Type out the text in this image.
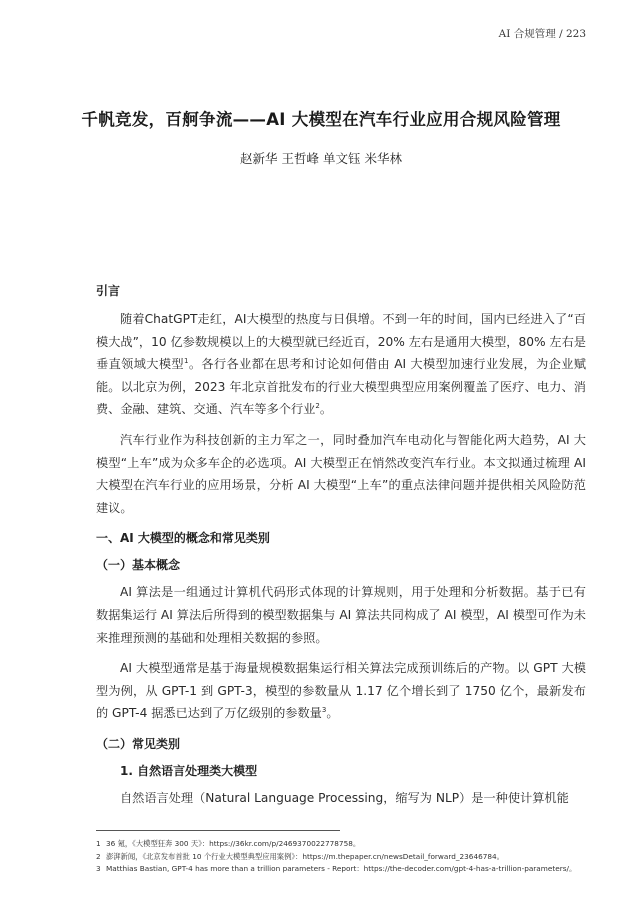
AI 合规管理 / 223
千帆竞发，百舸争流——AI 大模型在汽车行业应用合规风险管理
赵新华 王哲峰 单文钰 米华林

引言

随着ChatGPT走红，AI大模型的热度与日俱增。不到一年的时间，国内已经进入了“百模大战”，10 亿参数规模以上的大模型就已经近百，20% 左右是通用大模型，80% 左右是垂直领域大模型$^1$。各行各业都在思考和讨论如何借由 AI 大模型加速行业发展，为企业赋能。以北京为例，2023 年北京首批发布的行业大模型典型应用案例覆盖了医疗、电力、消费、金融、建筑、交通、汽车等多个行业$^2$。

汽车行业作为科技创新的主力军之一，同时叠加汽车电动化与智能化两大趋势，AI 大模型“上车”成为众多车企的必选项。AI 大模型正在悄然改变汽车行业。本文拟通过梳理 AI 大模型在汽车行业的应用场景，分析 AI 大模型“上车”的重点法律问题并提供相关风险防范建议。

一、AI 大模型的概念和常见类别

（一）基本概念

AI 算法是一组通过计算机代码形式体现的计算规则，用于处理和分析数据。基于已有数据集运行 AI 算法后所得到的模型数据集与 AI 算法共同构成了 AI 模型，AI 模型可作为未来推理预测的基础和处理相关数据的参照。

AI 大模型通常是基于海量规模数据集运行相关算法完成预训练后的产物。以 GPT 大模型为例，从 GPT-1 到 GPT-3，模型的参数量从 1.17 亿个增长到了 1750 亿个，最新发布的 GPT-4 据悉已达到了万亿级别的参数量$^3$。

（二）常见类别

1. 自然语言处理类大模型

自然语言处理（Natural Language Processing，缩写为 NLP）是一种使计算机能

1 36 氪，《大模型狂奔 300 天》：https://36kr.com/p/2469370022778758。
2 澎湃新闻，《北京发布首批 10 个行业大模型典型应用案例》：https://m.thepaper.cn/newsDetail_forward_23646784。
3 Matthias Bastian, GPT-4 has more than a trillion parameters - Report：https://the-decoder.com/gpt-4-has-a-trillion-parameters/。
